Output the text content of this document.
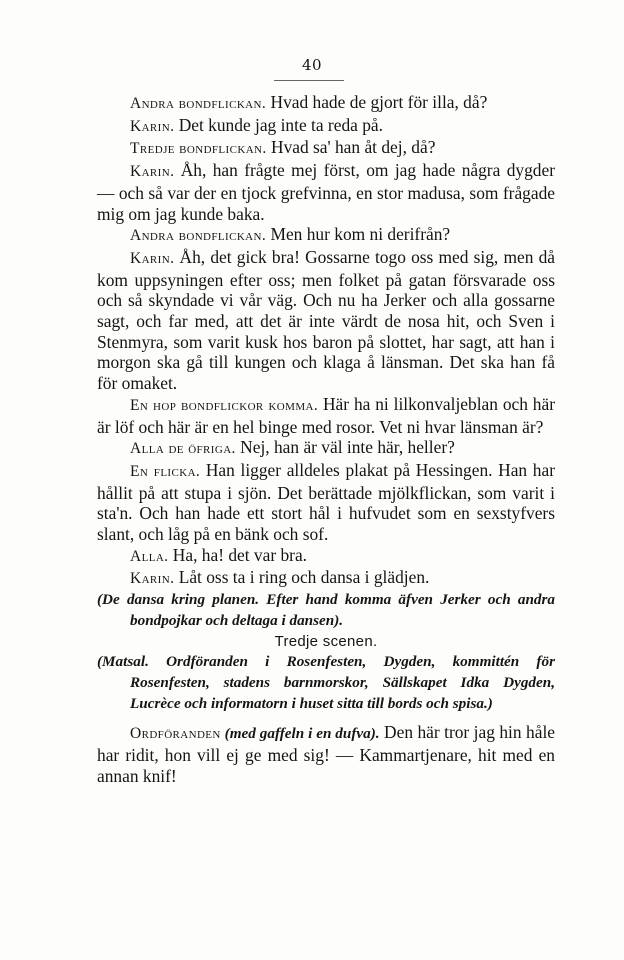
40

Andra bondflickan. Hvad hade de gjort för illa, då?

Karin. Det kunde jag inte ta reda på.

Tredje bondflickan. Hvad sa' han åt dej, då?

Karin. Åh, han frågte mej först, om jag hade några dygder — och så var der en tjock grefvinna, en stor madusa, som frågade mig om jag kunde baka.

Andra bondflickan. Men hur kom ni derifrån?

Karin. Åh, det gick bra! Gossarne togo oss med sig, men då kom uppsyningen efter oss; men folket på gatan försvarade oss och så skyndade vi vår väg. Och nu ha Jerker och alla gossarne sagt, och far med, att det är inte värdt de nosa hit, och Sven i Stenmyra, som varit kusk hos baron på slottet, har sagt, att han i morgon ska gå till kungen och klaga å länsman. Det ska han få för omaket.

En hop bondflickor komma. Här ha ni lilkonvaljeblan och här är löf och här är en hel binge med rosor. Vet ni hvar länsman är?

Alla de öfriga. Nej, han är väl inte här, heller?

En flicka. Han ligger alldeles plakat på Hessingen. Han har hållit på att stupa i sjön. Det berättade mjölkflickan, som varit i sta'n. Och han hade ett stort hål i hufvudet som en sexstyfvers slant, och låg på en bänk och sof.

Alla. Ha, ha! det var bra.

Karin. Låt oss ta i ring och dansa i glädjen.

(De dansa kring planen. Efter hand komma äfven Jerker och andra bondpojkar och deltaga i dansen).

Tredje scenen.

(Matsal. Ordföranden i Rosenfesten, Dygden, kommittén för Rosenfesten, stadens barnmorskor, Sällskapet Idka Dygden, Lucrèce och informatorn i huset sitta till bords och spisa.)

Ordföranden (med gaffeln i en dufva). Den här tror jag hin håle har ridit, hon vill ej ge med sig! — Kammartjenare, hit med en annan knif!
